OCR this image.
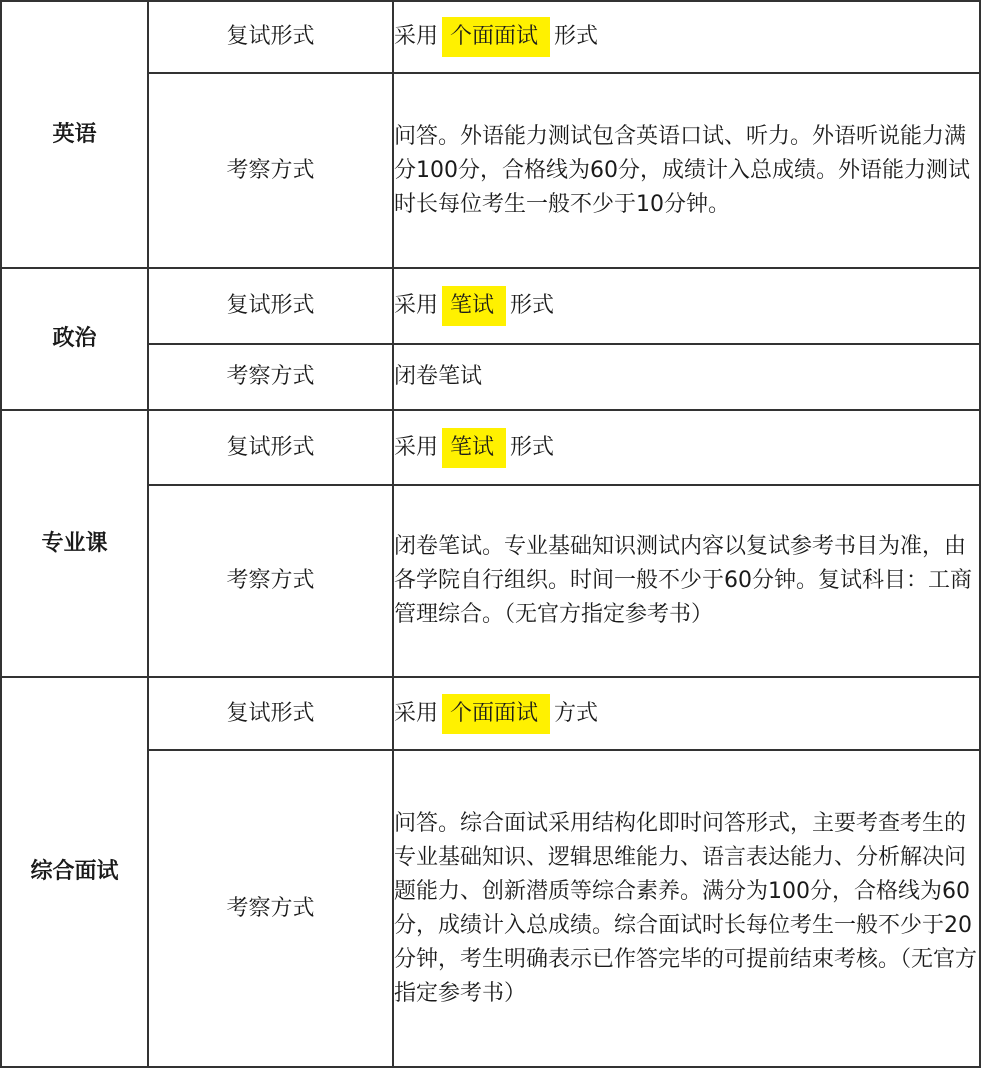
英语	复试形式	采用 个面面试 形式
	考察方式	问答。外语能力测试包含英语口试、听力。外语听说能力满分100分，合格线为60分，成绩计入总成绩。外语能力测试时长每位考生一般不少于10分钟。
政治	复试形式	采用 笔试 形式
	考察方式	闭卷笔试
专业课	复试形式	采用 笔试 形式
	考察方式	闭卷笔试。专业基础知识测试内容以复试参考书目为准，由各学院自行组织。时间一般不少于60分钟。复试科目：工商管理综合。（无官方指定参考书）
综合面试	复试形式	采用 个面面试 方式
	考察方式	问答。综合面试采用结构化即时问答形式，主要考查考生的专业基础知识、逻辑思维能力、语言表达能力、分析解决问题能力、创新潜质等综合素养。满分为100分，合格线为60分，成绩计入总成绩。综合面试时长每位考生一般不少于20分钟，考生明确表示已作答完毕的可提前结束考核。（无官方指定参考书）
